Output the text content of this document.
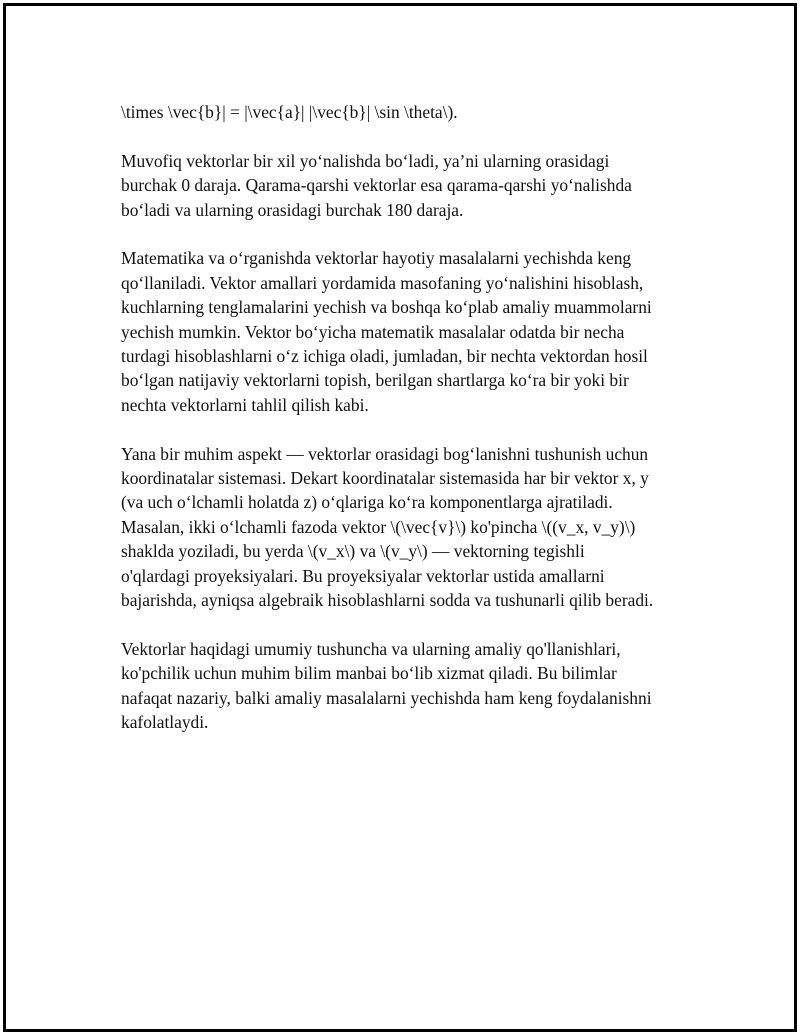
\times \vec{b}| = |\vec{a}| |\vec{b}| \sin \theta\).

Muvofiq vektorlar bir xil yo‘nalishda bo‘ladi, ya’ni ularning orasidagi
burchak 0 daraja. Qarama-qarshi vektorlar esa qarama-qarshi yo‘nalishda
bo‘ladi va ularning orasidagi burchak 180 daraja.

Matematika va o‘rganishda vektorlar hayotiy masalalarni yechishda keng
qo‘llaniladi. Vektor amallari yordamida masofaning yo‘nalishini hisoblash,
kuchlarning tenglamalarini yechish va boshqa ko‘plab amaliy muammolarni
yechish mumkin. Vektor bo‘yicha matematik masalalar odatda bir necha
turdagi hisoblashlarni o‘z ichiga oladi, jumladan, bir nechta vektordan hosil
bo‘lgan natijaviy vektorlarni topish, berilgan shartlarga ko‘ra bir yoki bir
nechta vektorlarni tahlil qilish kabi.

Yana bir muhim aspekt — vektorlar orasidagi bog‘lanishni tushunish uchun
koordinatalar sistemasi. Dekart koordinatalar sistemasida har bir vektor x, y
(va uch o‘lchamli holatda z) o‘qlariga ko‘ra komponentlarga ajratiladi.
Masalan, ikki o‘lchamli fazoda vektor \(\vec{v}\) ko'pincha \((v_x, v_y)\)
shaklda yoziladi, bu yerda \(v_x\) va \(v_y\) — vektorning tegishli
o'qlardagi proyeksiyalari. Bu proyeksiyalar vektorlar ustida amallarni
bajarishda, ayniqsa algebraik hisoblashlarni sodda va tushunarli qilib beradi.

Vektorlar haqidagi umumiy tushuncha va ularning amaliy qo'llanishlari,
ko'pchilik uchun muhim bilim manbai bo‘lib xizmat qiladi. Bu bilimlar
nafaqat nazariy, balki amaliy masalalarni yechishda ham keng foydalanishni
kafolatlaydi.
